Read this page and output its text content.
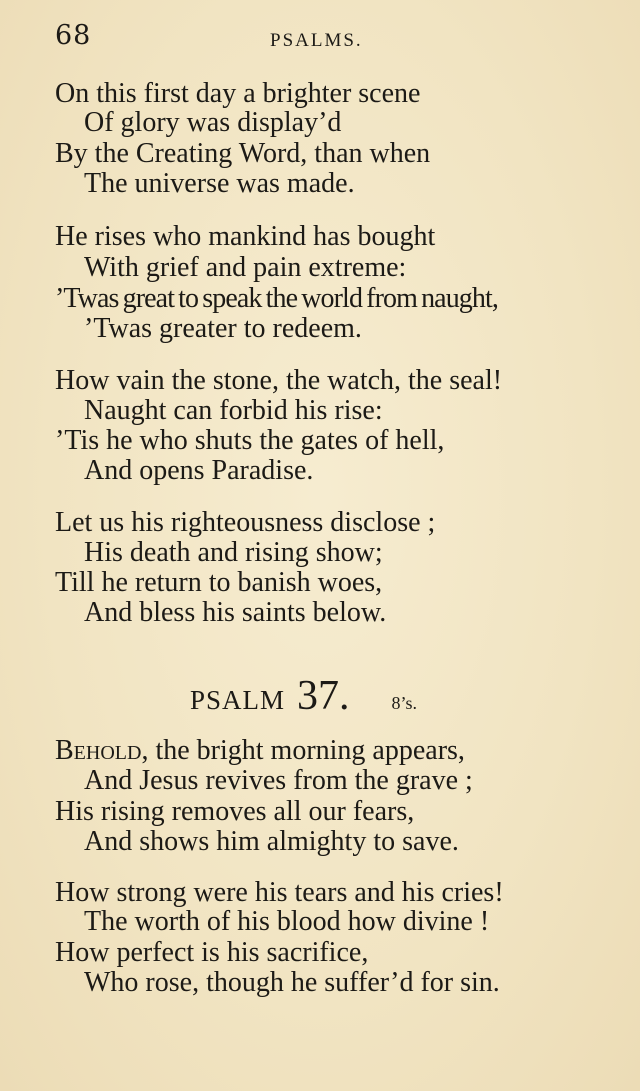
68	PSALMS.
On this first day a brighter scene
Of glory was display’d
By the Creating Word, than when
The universe was made.
He rises who mankind has bought
With grief and pain extreme:
’Twas great to speak the world from naught,
’Twas greater to redeem.
How vain the stone, the watch, the seal!
Naught can forbid his rise:
’Tis he who shuts the gates of hell,
And opens Paradise.
Let us his righteousness disclose ;
His death and rising show;
Till he return to banish woes,
And bless his saints below.
PSALM 37. 8’s.
Behold, the bright morning appears,
And Jesus revives from the grave ;
His rising removes all our fears,
And shows him almighty to save.
How strong were his tears and his cries!
The worth of his blood how divine !
How perfect is his sacrifice,
Who rose, though he suffer’d for sin.
